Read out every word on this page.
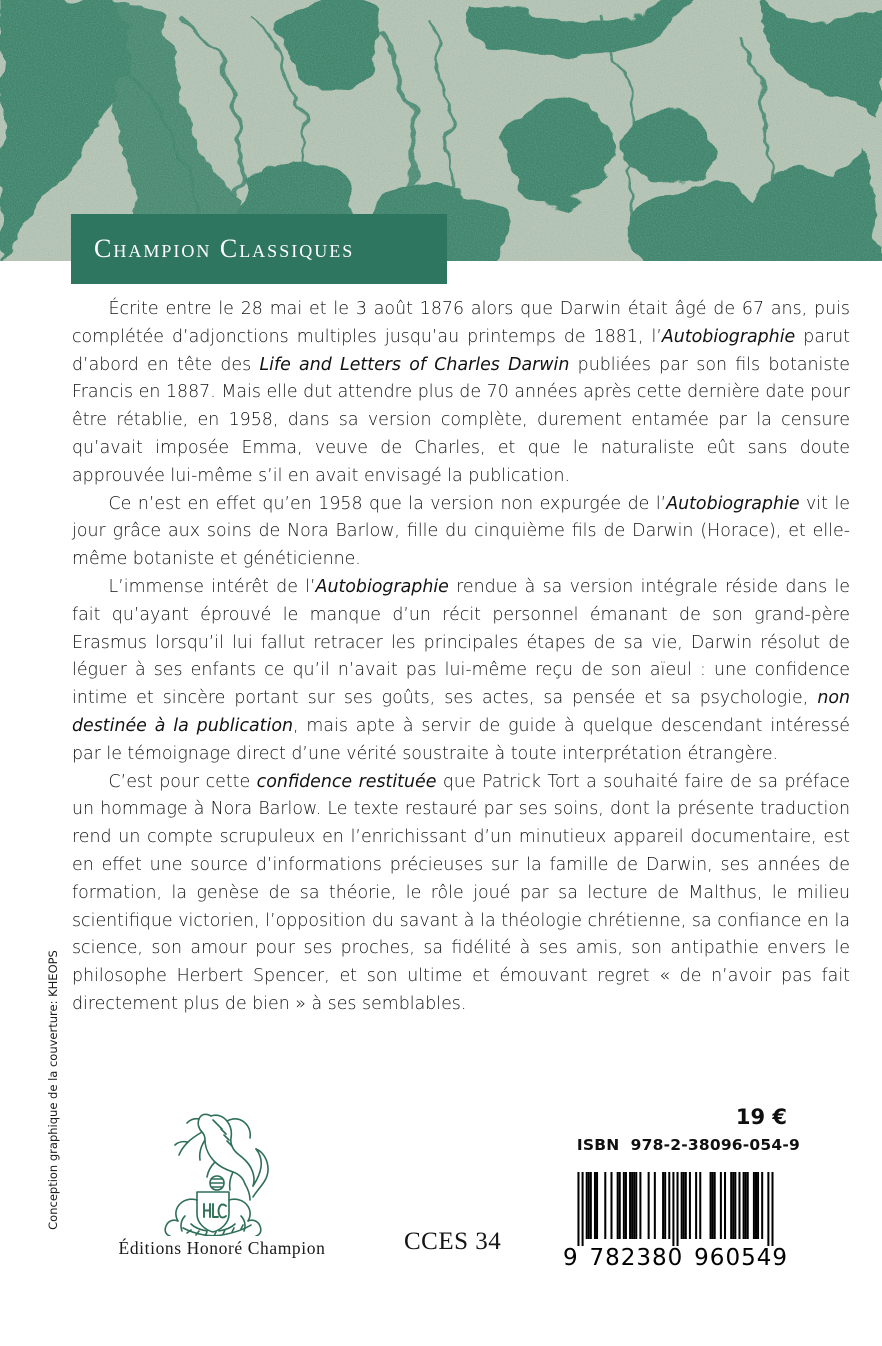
Champion Classiques

Écrite entre le 28 mai et le 3 août 1876 alors que Darwin était âgé de 67 ans, puis complétée d’adjonctions multiples jusqu’au printemps de 1881, l’Autobiographie parut d’abord en tête des Life and Letters of Charles Darwin publiées par son fils botaniste Francis en 1887. Mais elle dut attendre plus de 70 années après cette dernière date pour être rétablie, en 1958, dans sa version complète, durement entamée par la censure qu’avait imposée Emma, veuve de Charles, et que le naturaliste eût sans doute approuvée lui-même s’il en avait envisagé la publication.

Ce n’est en effet qu’en 1958 que la version non expurgée de l’Autobiographie vit le jour grâce aux soins de Nora Barlow, fille du cinquième fils de Darwin (Horace), et elle-même botaniste et généticienne.

L’immense intérêt de l’Autobiographie rendue à sa version intégrale réside dans le fait qu’ayant éprouvé le manque d’un récit personnel émanant de son grand-père Erasmus lorsqu’il lui fallut retracer les principales étapes de sa vie, Darwin résolut de léguer à ses enfants ce qu’il n’avait pas lui-même reçu de son aïeul : une confidence intime et sincère portant sur ses goûts, ses actes, sa pensée et sa psychologie, non destinée à la publication, mais apte à servir de guide à quelque descendant intéressé par le témoignage direct d’une vérité soustraite à toute interprétation étrangère.

C’est pour cette confidence restituée que Patrick Tort a souhaité faire de sa préface un hommage à Nora Barlow. Le texte restauré par ses soins, dont la présente traduction rend un compte scrupuleux en l’enrichissant d’un minutieux appareil documentaire, est en effet une source d’informations précieuses sur la famille de Darwin, ses années de formation, la genèse de sa théorie, le rôle joué par sa lecture de Malthus, le milieu scientifique victorien, l’opposition du savant à la théologie chrétienne, sa confiance en la science, son amour pour ses proches, sa fidélité à ses amis, son antipathie envers le philosophe Herbert Spencer, et son ultime et émouvant regret « de n’avoir pas fait directement plus de bien » à ses semblables.

Conception graphique de la couverture: KHEOPS
Éditions Honoré Champion	CCES 34
19 €
ISBN 978-2-38096-054-9
9 782380 960549
